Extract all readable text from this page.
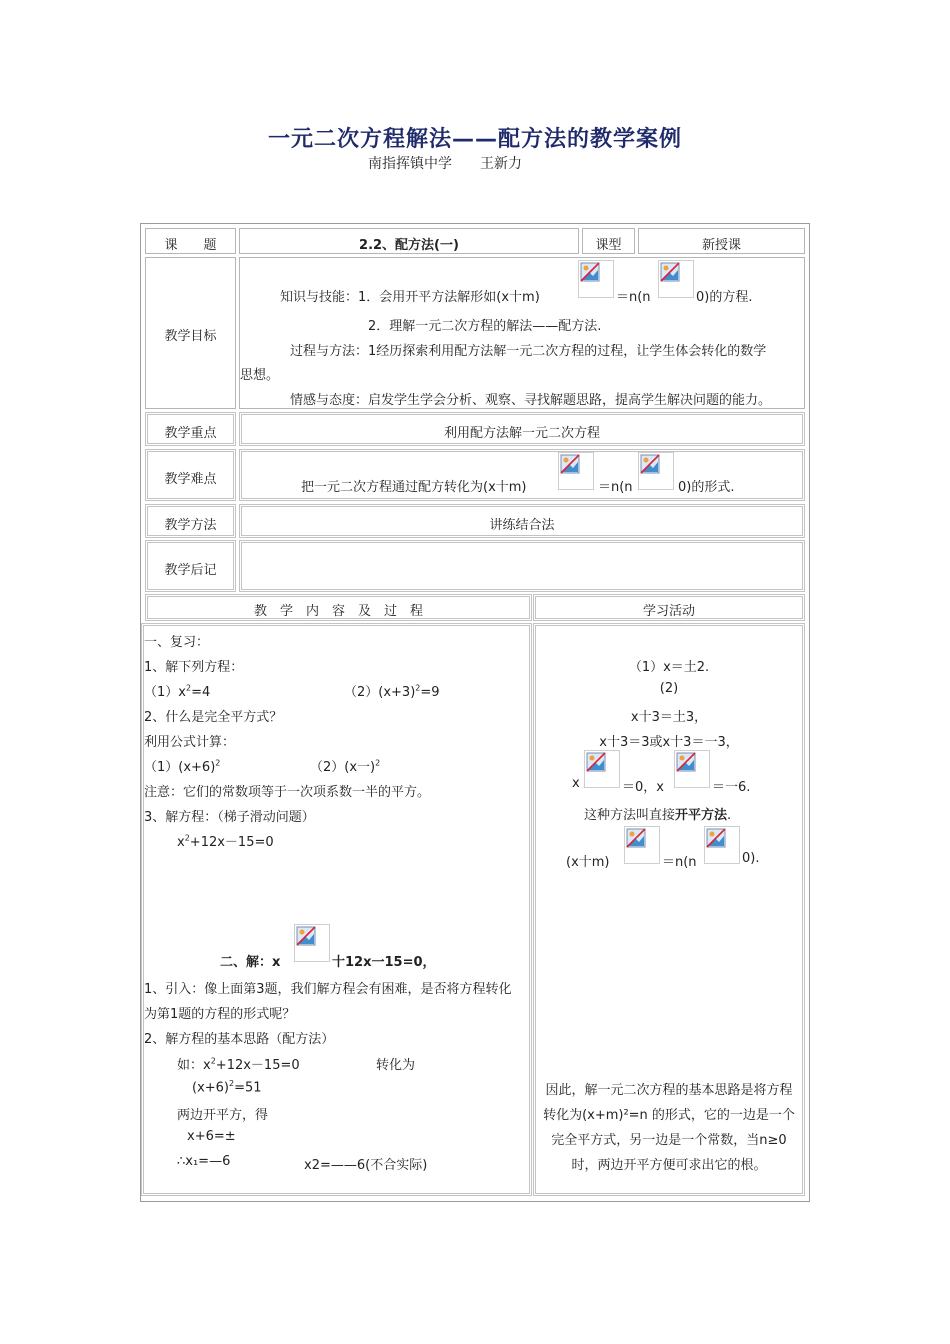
一元二次方程解法——配方法的教学案例
南指挥镇中学　　王新力
课　　题	2.2、配方法(一)	课型	新授课
教学目标
知识与技能：1．会用开平方法解形如(x十m)	＝n(n	0)的方程.
2．理解一元二次方程的解法——配方法.
过程与方法：1经历探索利用配方法解一元二次方程的过程，让学生体会转化的数学
思想。
情感与态度：启发学生学会分析、观察、寻找解题思路，提高学生解决问题的能力。
教学重点	利用配方法解一元二次方程
教学难点
把一元二次方程通过配方转化为(x十m)	＝n(n	0)的形式.
教学方法	讲练结合法
教学后记
教　学　内　容　及　过　程	学习活动
一、复习：
1、解下列方程：
$(1)x^2=4$	$(2)(x+3)^2=9$
2、什么是完全平方式？
利用公式计算：
$(1)(x+6)^2$	（2）(x一)$^2$
注意：它们的常数项等于一次项系数一半的平方。
3、解方程：（梯子滑动问题）
$x^2+12x-15=0$
二、解：x	十12x一15=0，
1、引入：像上面第3题，我们解方程会有困难，是否将方程转化
为第1题的方程的形式呢？
2、解方程的基本思路（配方法）
如：$x^2+12x-15=0$	转化为
$(x+6)^2=51$
两边开平方，得
x+6=±
∴x₁=—6	x2=——6(不合实际)
（1）x＝土2.
(2)
x十3＝土3，
x十3＝3或x十3＝一3，
x	＝0，x	＝一6.
这种方法叫直接开平方法.
(x十m)	＝n(n	0).
因此，解一元二次方程的基本思路是将方程
转化为(x+m)²=n 的形式，它的一边是一个
完全平方式，另一边是一个常数，当n≥0
时，两边开平方便可求出它的根。
